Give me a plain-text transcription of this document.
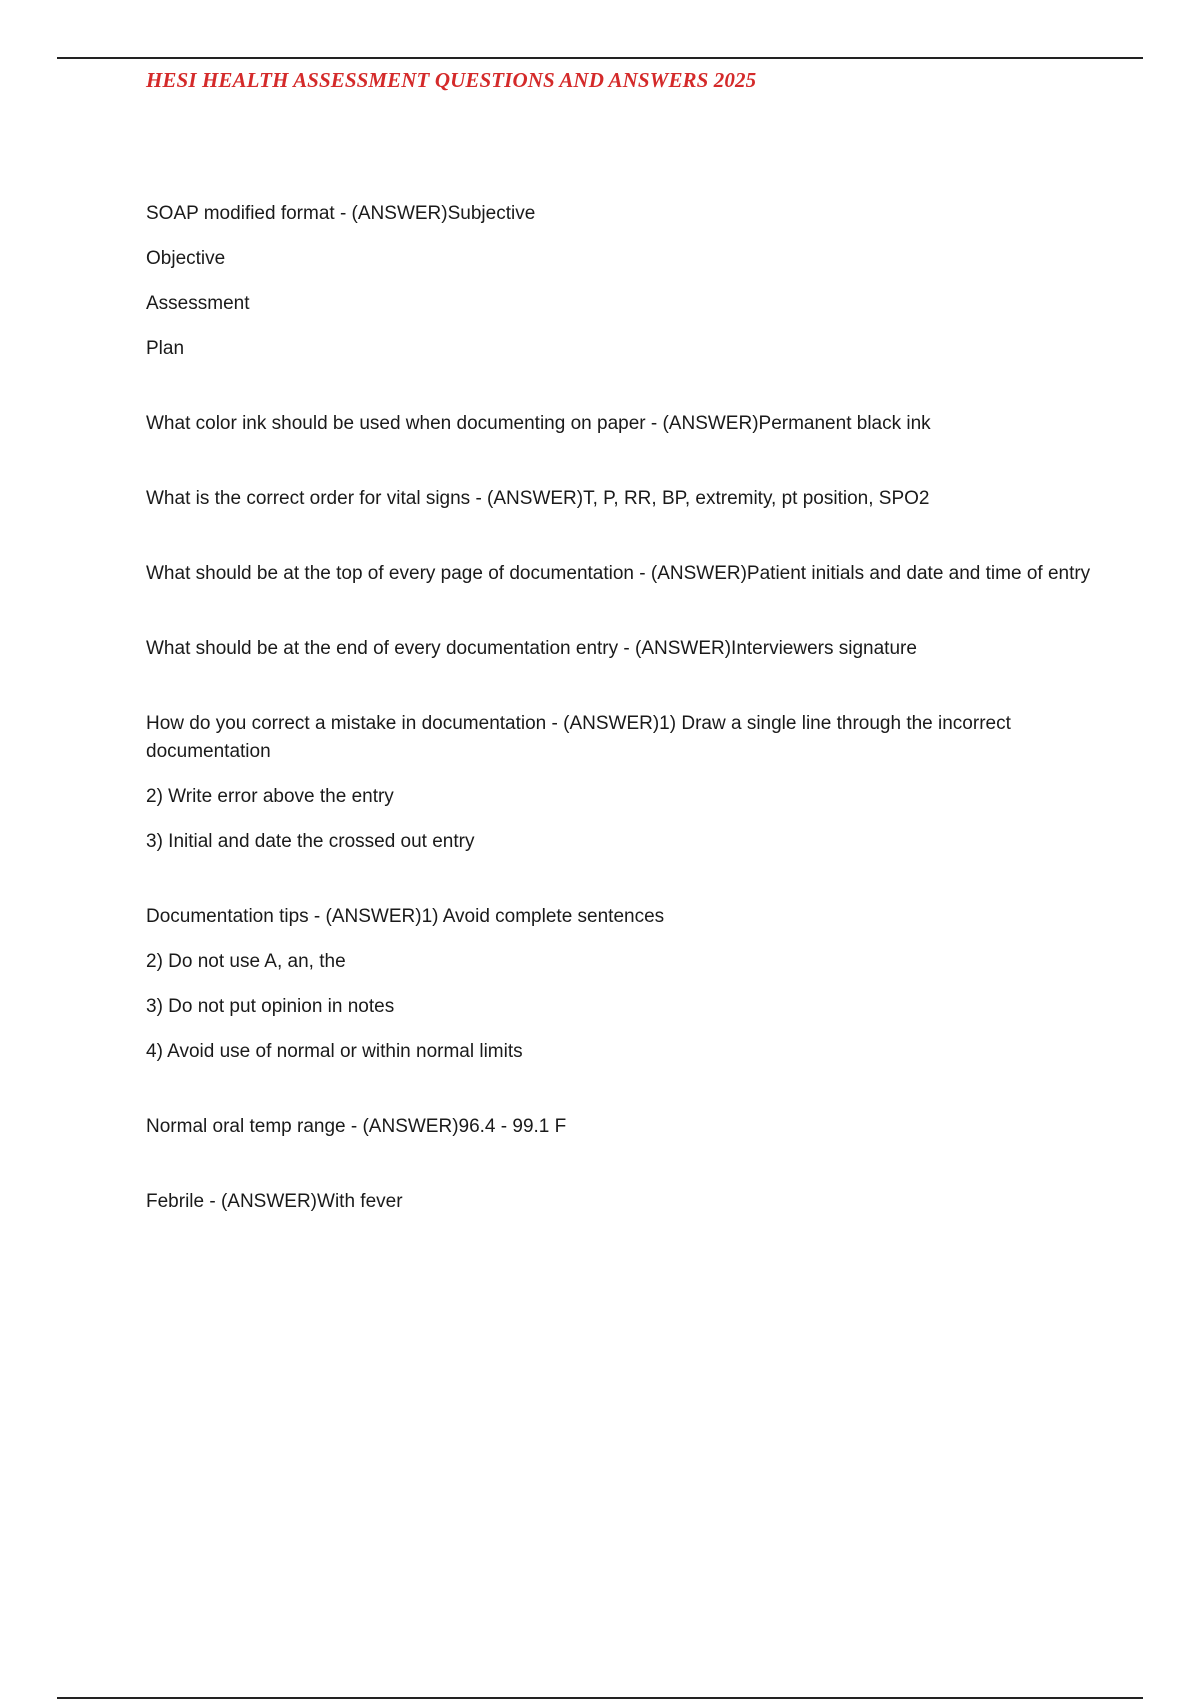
HESI HEALTH ASSESSMENT QUESTIONS AND ANSWERS 2025

SOAP modified format - (ANSWER)Subjective

Objective

Assessment

Plan

What color ink should be used when documenting on paper - (ANSWER)Permanent black ink

What is the correct order for vital signs - (ANSWER)T, P, RR, BP, extremity, pt position, SPO2

What should be at the top of every page of documentation - (ANSWER)Patient initials and date and time of entry

What should be at the end of every documentation entry - (ANSWER)Interviewers signature

How do you correct a mistake in documentation - (ANSWER)1) Draw a single line through the incorrect documentation

2) Write error above the entry

3) Initial and date the crossed out entry

Documentation tips - (ANSWER)1) Avoid complete sentences

2) Do not use A, an, the

3) Do not put opinion in notes

4) Avoid use of normal or within normal limits

Normal oral temp range - (ANSWER)96.4 - 99.1 F

Febrile - (ANSWER)With fever
